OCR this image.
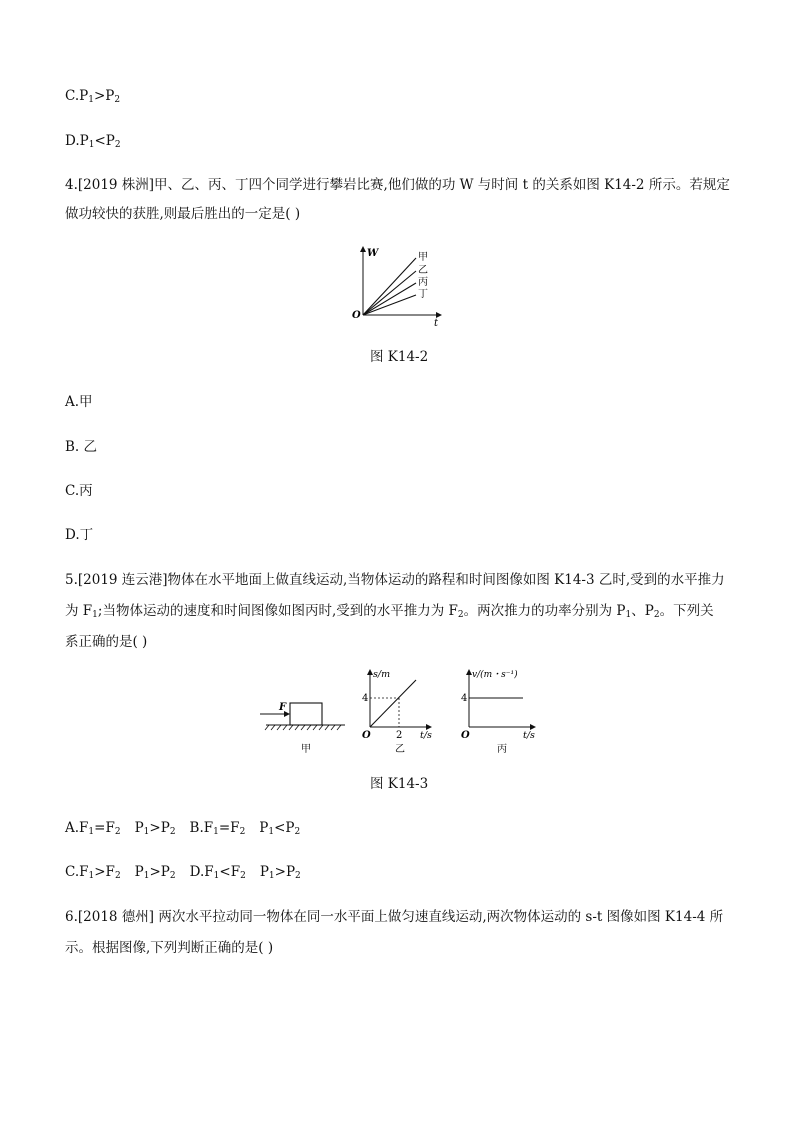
$C.P_1>P_2$
$D.P_1<P_2$
4.[2019 株洲]甲、乙、丙、丁四个同学进行攀岩比赛,他们做的功 W 与时间 t 的关系如图 K14-2 所示。若规定
做功较快的获胜,则最后胜出的一定是( )
W
t
O
甲
乙
丙
丁
图 K14-2
A.甲
B. 乙
C.丙
D.丁
5.[2019 连云港]物体在水平地面上做直线运动,当物体运动的路程和时间图像如图 K14-3 乙时,受到的水平推力
为 $F_1$;当物体运动的速度和时间图像如图丙时,受到的水平推力为 $F_2$。两次推力的功率分别为 $P_1$、$P_2$。下列关
系正确的是( )
F
甲
s/m
t/s
O
4
2
乙
v/(m・s⁻¹)
t/s
O
4
丙
图 K14-3
$A.F_1=F_2$ $P_1>P_2$ $B.F_1=F_2$ $P_1<P_2$
$C.F_1>F_2$ $P_1>P_2$ $D.F_1<F_2$ $P_1>P_2$
6.[2018 德州] 两次水平拉动同一物体在同一水平面上做匀速直线运动,两次物体运动的 s-t 图像如图 K14-4 所
示。根据图像,下列判断正确的是( )
